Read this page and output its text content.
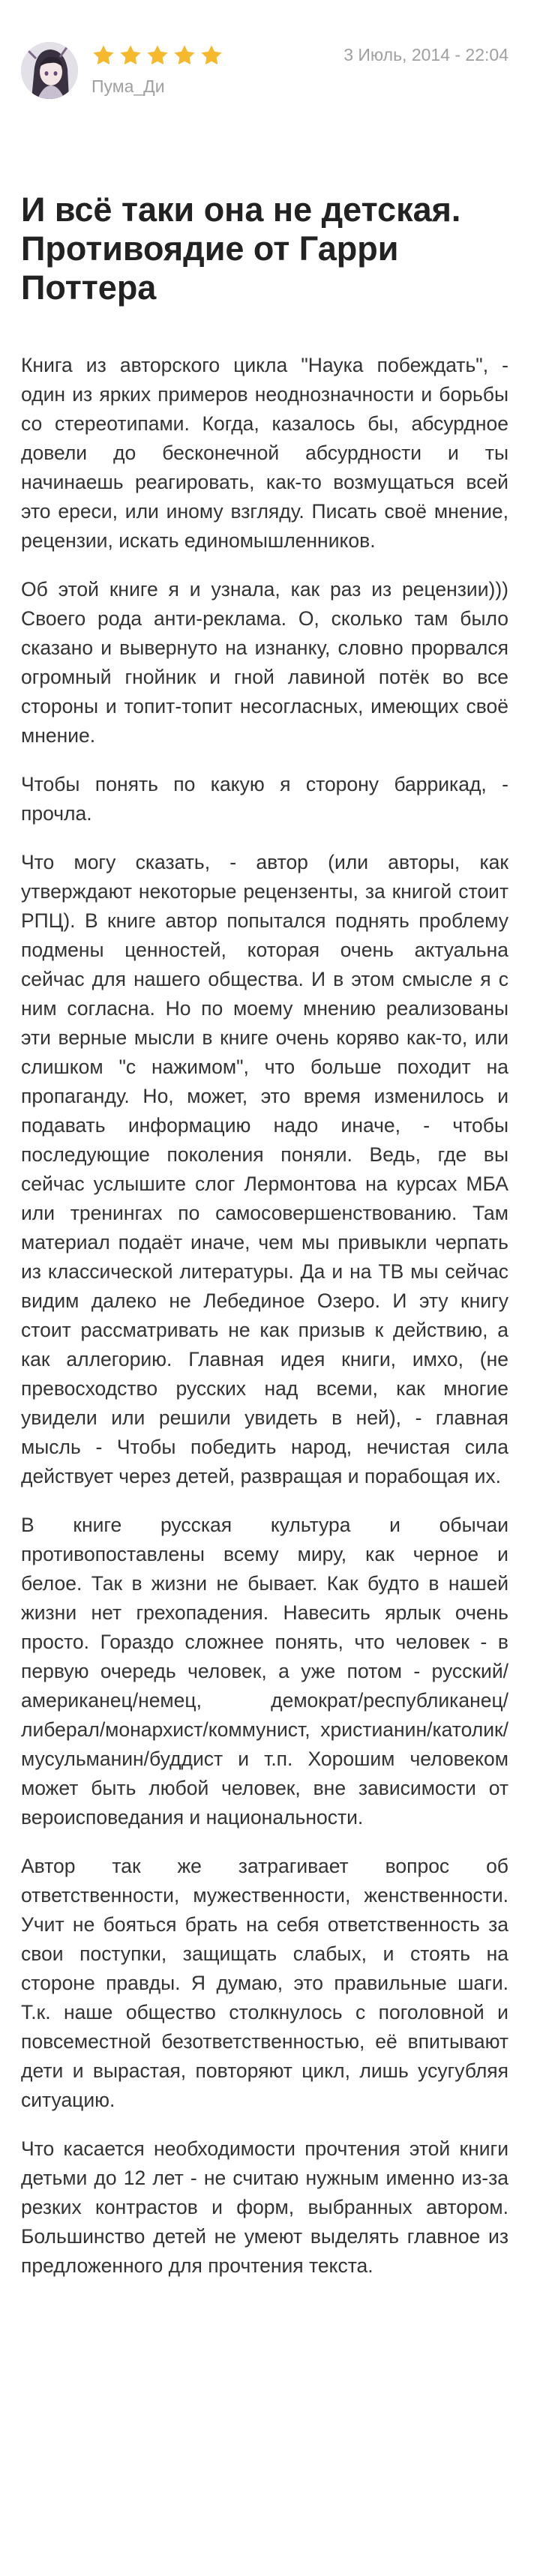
Пума_Ди
3 Июль, 2014 - 22:04
И всё таки она не детская. Противоядие от Гарри Поттера

Книга из авторского цикла "Наука побеждать", - один из ярких примеров неоднозначности и борьбы со стереотипами. Когда, казалось бы, абсурдное довели до бесконечной абсурдности и ты начинаешь реагировать, как-то возмущаться всей это ереси, или иному взгляду. Писать своё мнение, рецензии, искать единомышленников.

Об этой книге я и узнала, как раз из рецензии))) Своего рода анти-реклама. О, сколько там было сказано и вывернуто на изнанку, словно прорвался огромный гнойник и гной лавиной потёк во все стороны и топит-топит несогласных, имеющих своё мнение.

Чтобы понять по какую я сторону баррикад, - прочла.

Что могу сказать, - автор (или авторы, как утверждают некоторые рецензенты, за книгой стоит РПЦ). В книге автор попытался поднять проблему подмены ценностей, которая очень актуальна сейчас для нашего общества. И в этом смысле я с ним согласна. Но по моему мнению реализованы эти верные мысли в книге очень коряво как-то, или слишком "с нажимом", что больше походит на пропаганду. Но, может, это время изменилось и подавать информацию надо иначе, - чтобы последующие поколения поняли. Ведь, где вы сейчас услышите слог Лермонтова на курсах МБА или тренингах по самосовершенствованию. Там материал подаёт иначе, чем мы привыкли черпать из классической литературы. Да и на ТВ мы сейчас видим далеко не Лебединое Озеро. И эту книгу стоит рассматривать не как призыв к действию, а как аллегорию. Главная идея книги, имхо, (не превосходство русских над всеми, как многие увидели или решили увидеть в ней), - главная мысль - Чтобы победить народ, нечистая сила действует через детей, развращая и порабощая их.

В книге русская культура и обычаи противопоставлены всему миру, как черное и белое. Так в жизни не бывает. Как будто в нашей жизни нет грехопадения. Навесить ярлык очень просто. Гораздо сложнее понять, что человек - в первую очередь человек, а уже потом - русский/американец/немец, демократ/республиканец/либерал/монархист/коммунист, христианин/католик/мусульманин/буддист и т.п. Хорошим человеком может быть любой человек, вне зависимости от вероисповедания и национальности.

Автор так же затрагивает вопрос об ответственности, мужественности, женственности. Учит не бояться брать на себя ответственность за свои поступки, защищать слабых, и стоять на стороне правды. Я думаю, это правильные шаги. Т.к. наше общество столкнулось с поголовной и повсеместной безответственностью, её впитывают дети и вырастая, повторяют цикл, лишь усугубляя ситуацию.

Что касается необходимости прочтения этой книги детьми до 12 лет - не считаю нужным именно из-за резких контрастов и форм, выбранных автором. Большинство детей не умеют выделять главное из предложенного для прочтения текста.
